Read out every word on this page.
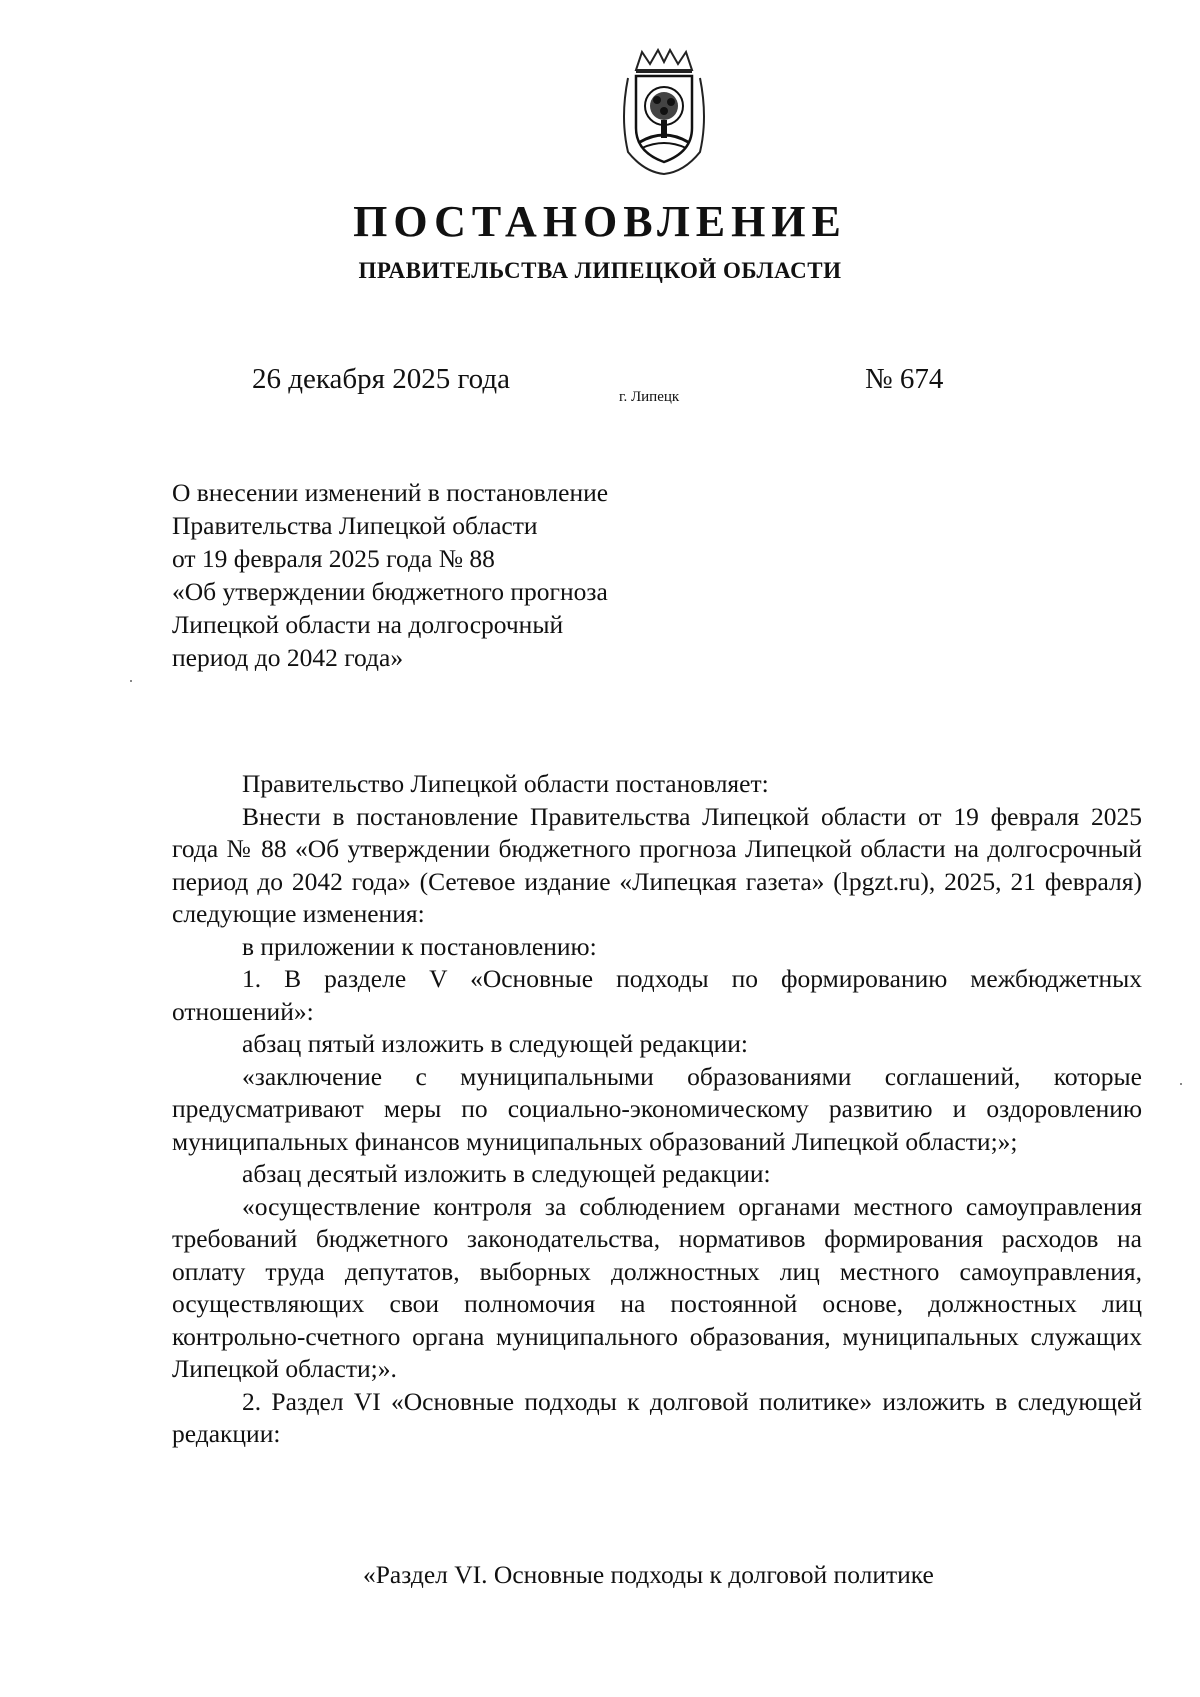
ПОСТАНОВЛЕНИЕ
ПРАВИТЕЛЬСТВА ЛИПЕЦКОЙ ОБЛАСТИ
26 декабря 2025 года
г. Липецк
№ 674
О внесении изменений в постановление
Правительства Липецкой области
от 19 февраля 2025 года № 88
«Об утверждении бюджетного прогноза
Липецкой области на долгосрочный
период до 2042 года»

Правительство Липецкой области постановляет:

Внести в постановление Правительства Липецкой области от 19 февраля 2025 года № 88 «Об утверждении бюджетного прогноза Липецкой области на долгосрочный период до 2042 года» (Сетевое издание «Липецкая газета» (lpgzt.ru), 2025, 21 февраля) следующие изменения:

в приложении к постановлению:

1. В разделе V «Основные подходы по формированию межбюджетных отношений»:

абзац пятый изложить в следующей редакции:

«заключение с муниципальными образованиями соглашений, которые предусматривают меры по социально-экономическому развитию и оздоровлению муниципальных финансов муниципальных образований Липецкой области;»;

абзац десятый изложить в следующей редакции:

«осуществление контроля за соблюдением органами местного самоуправления требований бюджетного законодательства, нормативов формирования расходов на оплату труда депутатов, выборных должностных лиц местного самоуправления, осуществляющих свои полномочия на постоянной основе, должностных лиц контрольно-счетного органа муниципального образования, муниципальных служащих Липецкой области;».

2. Раздел VI «Основные подходы к долговой политике» изложить в следующей редакции:

«Раздел VI. Основные подходы к долговой политике
